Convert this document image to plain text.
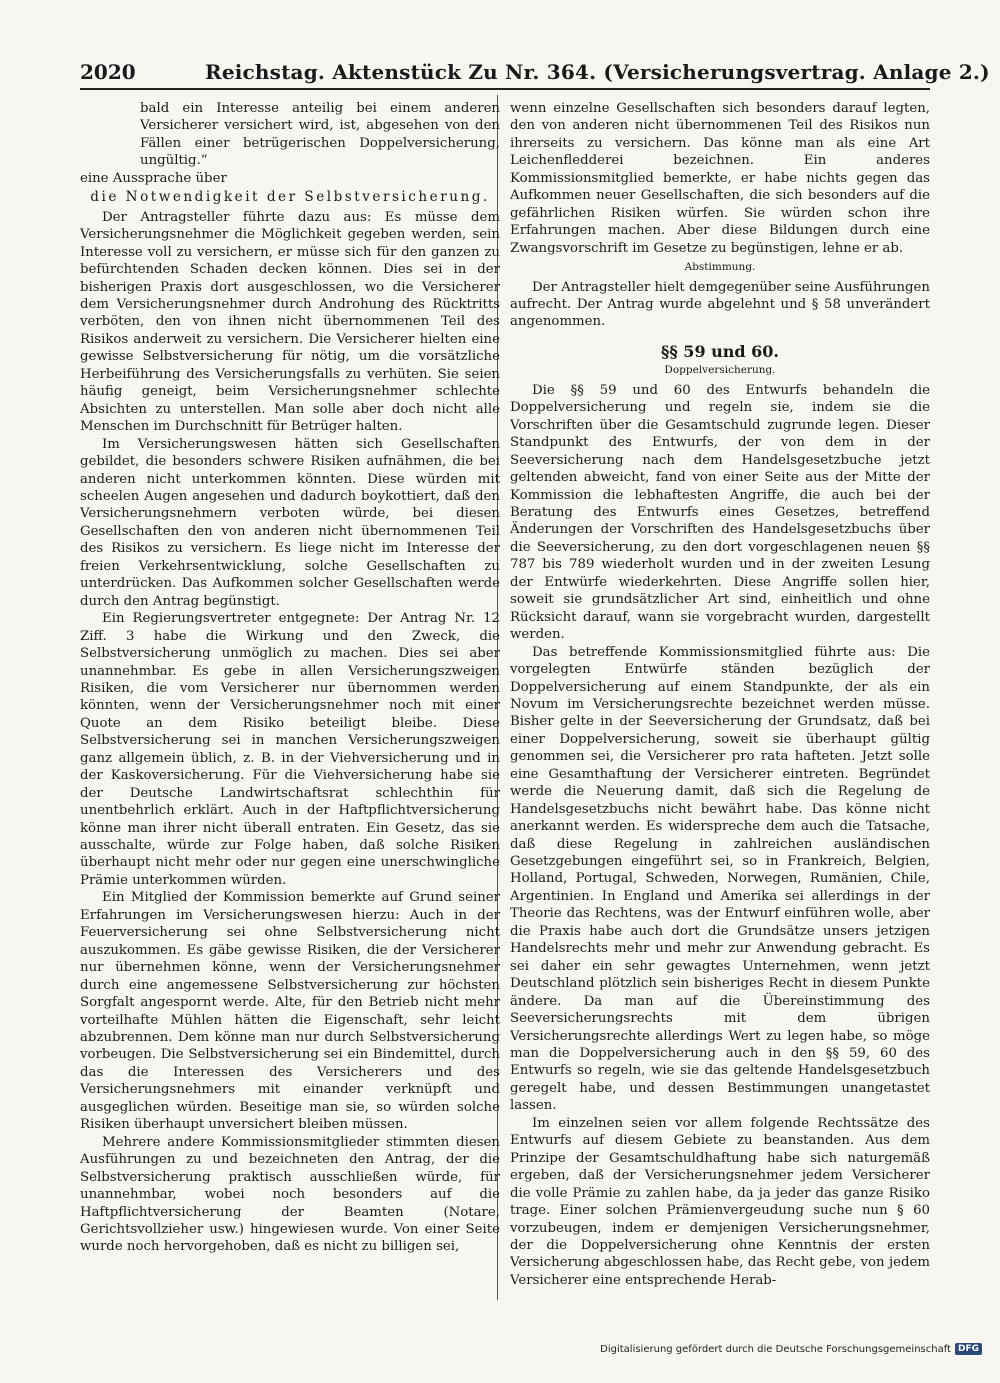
2020	Reichstag. Aktenstück Zu Nr. 364. (Versicherungsvertrag. Anlage 2.)

bald ein Interesse anteilig bei einem anderen Versicherer versichert wird, ist, abgesehen von den Fällen einer betrügerischen Doppelversicherung, ungültig.“

eine Aussprache über

die Notwendigkeit der Selbstversicherung.

Der Antragsteller führte dazu aus: Es müsse dem Versicherungsnehmer die Möglichkeit gegeben werden, sein Interesse voll zu versichern, er müsse sich für den ganzen zu befürchtenden Schaden decken können. Dies sei in der bisherigen Praxis dort ausgeschlossen, wo die Versicherer dem Versicherungsnehmer durch Androhung des Rücktritts verböten, den von ihnen nicht übernommenen Teil des Risikos anderweit zu versichern. Die Versicherer hielten eine gewisse Selbstversicherung für nötig, um die vorsätzliche Herbeiführung des Versicherungsfalls zu verhüten. Sie seien häufig geneigt, beim Versicherungsnehmer schlechte Absichten zu unterstellen. Man solle aber doch nicht alle Menschen im Durchschnitt für Betrüger halten.

Im Versicherungswesen hätten sich Gesellschaften gebildet, die besonders schwere Risiken aufnähmen, die bei anderen nicht unterkommen könnten. Diese würden mit scheelen Augen angesehen und dadurch boykottiert, daß den Versicherungsnehmern verboten würde, bei diesen Gesellschaften den von anderen nicht übernommenen Teil des Risikos zu versichern. Es liege nicht im Interesse der freien Verkehrsentwicklung, solche Gesellschaften zu unterdrücken. Das Aufkommen solcher Gesellschaften werde durch den Antrag begünstigt.

Ein Regierungsvertreter entgegnete: Der Antrag Nr. 12 Ziff. 3 habe die Wirkung und den Zweck, die Selbstversicherung unmöglich zu machen. Dies sei aber unannehmbar. Es gebe in allen Versicherungszweigen Risiken, die vom Versicherer nur übernommen werden könnten, wenn der Versicherungsnehmer noch mit einer Quote an dem Risiko beteiligt bleibe. Diese Selbstversicherung sei in manchen Versicherungszweigen ganz allgemein üblich, z. B. in der Viehversicherung und in der Kaskoversicherung. Für die Viehversicherung habe sie der Deutsche Landwirtschaftsrat schlechthin für unentbehrlich erklärt. Auch in der Haftpflichtversicherung könne man ihrer nicht überall entraten. Ein Gesetz, das sie ausschalte, würde zur Folge haben, daß solche Risiken überhaupt nicht mehr oder nur gegen eine unerschwingliche Prämie unterkommen würden.

Ein Mitglied der Kommission bemerkte auf Grund seiner Erfahrungen im Versicherungswesen hierzu: Auch in der Feuerversicherung sei ohne Selbstversicherung nicht auszukommen. Es gäbe gewisse Risiken, die der Versicherer nur übernehmen könne, wenn der Versicherungsnehmer durch eine angemessene Selbstversicherung zur höchsten Sorgfalt angespornt werde. Alte, für den Betrieb nicht mehr vorteilhafte Mühlen hätten die Eigenschaft, sehr leicht abzubrennen. Dem könne man nur durch Selbstversicherung vorbeugen. Die Selbstversicherung sei ein Bindemittel, durch das die Interessen des Versicherers und des Versicherungsnehmers mit einander verknüpft und ausgeglichen würden. Beseitige man sie, so würden solche Risiken überhaupt unversichert bleiben müssen.

Mehrere andere Kommissionsmitglieder stimmten diesen Ausführungen zu und bezeichneten den Antrag, der die Selbstversicherung praktisch ausschließen würde, für unannehmbar, wobei noch besonders auf die Haftpflichtversicherung der Beamten (Notare, Gerichtsvollzieher usw.) hingewiesen wurde. Von einer Seite wurde noch hervorgehoben, daß es nicht zu billigen sei,

wenn einzelne Gesellschaften sich besonders darauf legten, den von anderen nicht übernommenen Teil des Risikos nun ihrerseits zu versichern. Das könne man als eine Art Leichenfledderei bezeichnen. Ein anderes Kommissionsmitglied bemerkte, er habe nichts gegen das Aufkommen neuer Gesellschaften, die sich besonders auf die gefährlichen Risiken würfen. Sie würden schon ihre Erfahrungen machen. Aber diese Bildungen durch eine Zwangsvorschrift im Gesetze zu begünstigen, lehne er ab.

Abstimmung.

Der Antragsteller hielt demgegenüber seine Ausführungen aufrecht. Der Antrag wurde abgelehnt und § 58 unverändert angenommen.

§§ 59 und 60.

Doppelversicherung.

Die §§ 59 und 60 des Entwurfs behandeln die Doppelversicherung und regeln sie, indem sie die Vorschriften über die Gesamtschuld zugrunde legen. Dieser Standpunkt des Entwurfs, der von dem in der Seeversicherung nach dem Handelsgesetzbuche jetzt geltenden abweicht, fand von einer Seite aus der Mitte der Kommission die lebhaftesten Angriffe, die auch bei der Beratung des Entwurfs eines Gesetzes, betreffend Änderungen der Vorschriften des Handelsgesetzbuchs über die Seeversicherung, zu den dort vorgeschlagenen neuen §§ 787 bis 789 wiederholt wurden und in der zweiten Lesung der Entwürfe wiederkehrten. Diese Angriffe sollen hier, soweit sie grundsätzlicher Art sind, einheitlich und ohne Rücksicht darauf, wann sie vorgebracht wurden, dargestellt werden.

Das betreffende Kommissionsmitglied führte aus: Die vorgelegten Entwürfe ständen bezüglich der Doppelversicherung auf einem Standpunkte, der als ein Novum im Versicherungsrechte bezeichnet werden müsse. Bisher gelte in der Seeversicherung der Grundsatz, daß bei einer Doppelversicherung, soweit sie überhaupt gültig genommen sei, die Versicherer pro rata hafteten. Jetzt solle eine Gesamthaftung der Versicherer eintreten. Begründet werde die Neuerung damit, daß sich die Regelung de Handelsgesetzbuchs nicht bewährt habe. Das könne nicht anerkannt werden. Es widerspreche dem auch die Tatsache, daß diese Regelung in zahlreichen ausländischen Gesetzgebungen eingeführt sei, so in Frankreich, Belgien, Holland, Portugal, Schweden, Norwegen, Rumänien, Chile, Argentinien. In England und Amerika sei allerdings in der Theorie das Rechtens, was der Entwurf einführen wolle, aber die Praxis habe auch dort die Grundsätze unsers jetzigen Handelsrechts mehr und mehr zur Anwendung gebracht. Es sei daher ein sehr gewagtes Unternehmen, wenn jetzt Deutschland plötzlich sein bisheriges Recht in diesem Punkte ändere. Da man auf die Übereinstimmung des Seeversicherungsrechts mit dem übrigen Versicherungsrechte allerdings Wert zu legen habe, so möge man die Doppelversicherung auch in den §§ 59, 60 des Entwurfs so regeln, wie sie das geltende Handelsgesetzbuch geregelt habe, und dessen Bestimmungen unangetastet lassen.

Im einzelnen seien vor allem folgende Rechtssätze des Entwurfs auf diesem Gebiete zu beanstanden. Aus dem Prinzipe der Gesamtschuldhaftung habe sich naturgemäß ergeben, daß der Versicherungsnehmer jedem Versicherer die volle Prämie zu zahlen habe, da ja jeder das ganze Risiko trage. Einer solchen Prämienvergeudung suche nun § 60 vorzubeugen, indem er demjenigen Versicherungsnehmer, der die Doppelversicherung ohne Kenntnis der ersten Versicherung abgeschlossen habe, das Recht gebe, von jedem Versicherer eine entsprechende Herab-

Digitalisierung gefördert durch die Deutsche Forschungsgemeinschaft DFG
